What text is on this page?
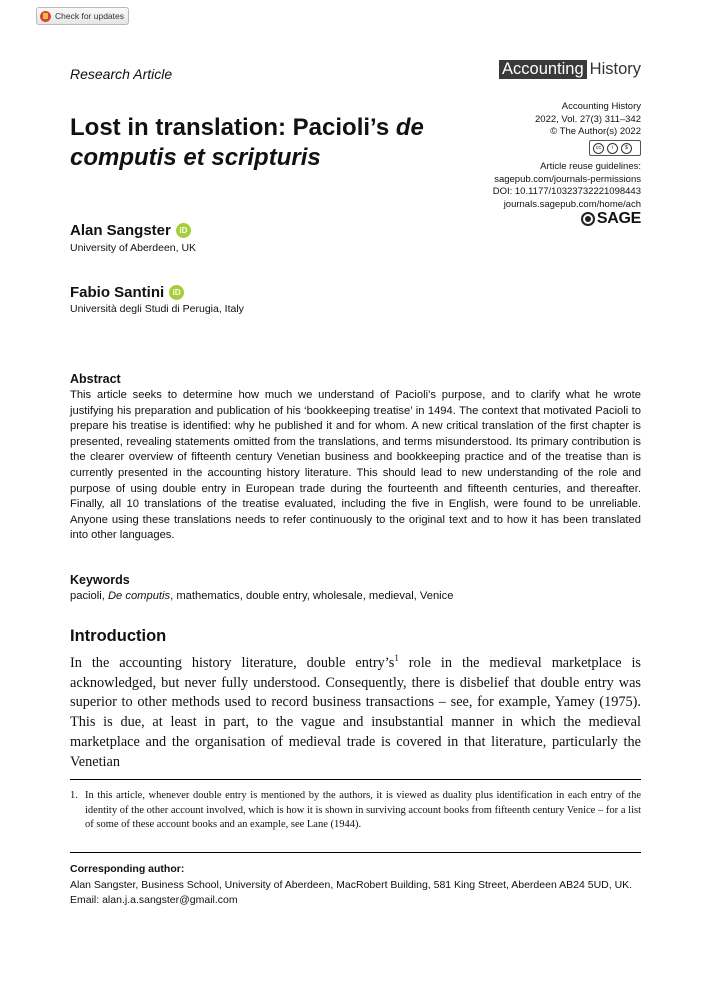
Check for updates
Research Article	Accounting History
Lost in translation: Pacioli’s de computis et scripturis
Accounting History
2022, Vol. 27(3) 311–342
© The Author(s) 2022
cc	i	$
Article reuse guidelines:
sagepub.com/journals-permissions
DOI: 10.1177/10323732221098443
journals.sagepub.com/home/ach
SAGE
Alan Sangster	iD
University of Aberdeen, UK
Fabio Santini	iD
Università degli Studi di Perugia, Italy
Abstract
This article seeks to determine how much we understand of Pacioli’s purpose, and to clarify what he wrote justifying his preparation and publication of his ‘bookkeeping treatise’ in 1494. The context that motivated Pacioli to prepare his treatise is identified: why he published it and for whom. A new critical translation of the first chapter is presented, revealing statements omitted from the translations, and terms misunderstood. Its primary contribution is the clearer overview of fifteenth century Venetian business and bookkeeping practice and of the treatise than is currently presented in the accounting history literature. This should lead to new understanding of the role and purpose of using double entry in European trade during the fourteenth and fifteenth centuries, and thereafter. Finally, all 10 translations of the treatise evaluated, including the five in English, were found to be unreliable. Anyone using these translations needs to refer continuously to the original text and to how it has been translated into other languages.
Keywords
pacioli, De computis, mathematics, double entry, wholesale, medieval, Venice
Introduction
In the accounting history literature, double $entry’s^1$ role in the medieval marketplace is acknowledged, but never fully understood. Consequently, there is disbelief that double entry was superior to other methods used to record business transactions – see, for example, Yamey (1975). This is due, at least in part, to the vague and insubstantial manner in which the medieval marketplace and the organisation of medieval trade is covered in that literature, particularly the Venetian
1. In this article, whenever double entry is mentioned by the authors, it is viewed as duality plus identification in each entry of the identity of the other account involved, which is how it is shown in surviving account books from fifteenth century Venice – for a list of some of these account books and an example, see Lane (1944).
Corresponding author:
Alan Sangster, Business School, University of Aberdeen, MacRobert Building, 581 King Street, Aberdeen AB24 5UD, UK.
Email: alan.j.a.sangster@gmail.com
